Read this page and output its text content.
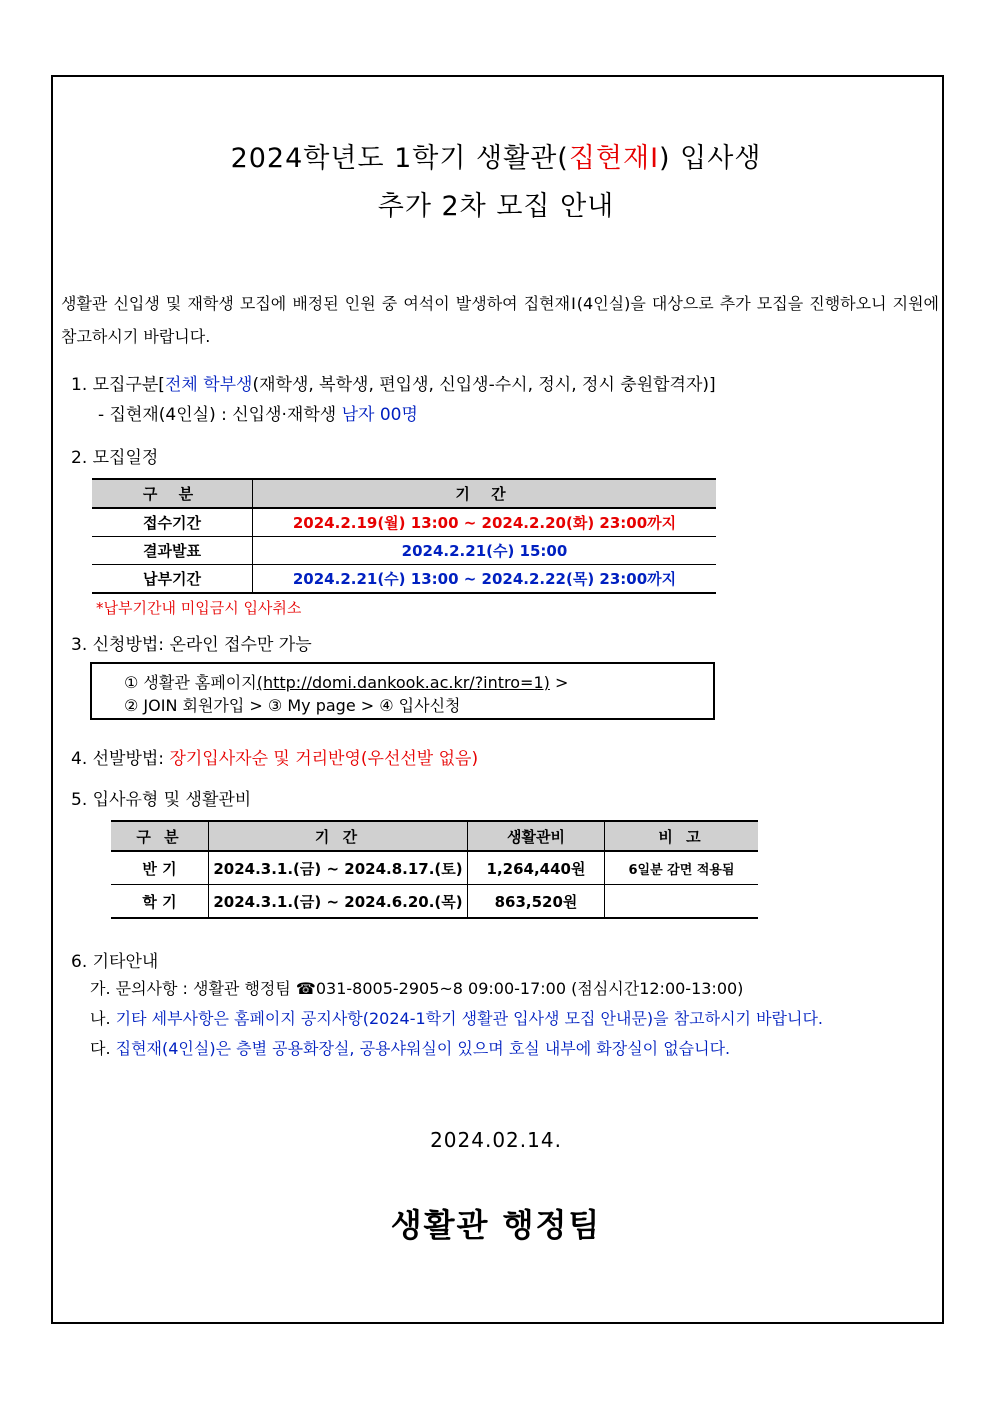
2024학년도 1학기 생활관(집현재Ⅰ) 입사생
추가 2차 모집 안내
생활관 신입생 및 재학생 모집에 배정된 인원 중 여석이 발생하여 집현재Ⅰ(4인실)을 대상으로 추가 모집을 진행하오니 지원에 참고하시기 바랍니다.
1. 모집구분[전체 학부생(재학생, 복학생, 편입생, 신입생-수시, 정시, 정시 충원합격자)]
- 집현재(4인실) : 신입생·재학생 남자 00명
2. 모집일정
구 분	기 간
접수기간	2024.2.19(월) 13:00 ~ 2024.2.20(화) 23:00까지
결과발표	2024.2.21(수) 15:00
납부기간	2024.2.21(수) 13:00 ~ 2024.2.22(목) 23:00까지
*납부기간내 미입금시 입사취소
3. 신청방법: 온라인 접수만 가능
① 생활관 홈페이지(http://domi.dankook.ac.kr/?intro=1) >
② JOIN 회원가입 > ③ My page > ④ 입사신청
4. 선발방법: 장기입사자순 및 거리반영(우선선발 없음)
5. 입사유형 및 생활관비
구 분	기 간	생활관비	비 고
반 기	2024.3.1.(금) ~ 2024.8.17.(토)	1,264,440원	6일분 감면 적용됨
학 기	2024.3.1.(금) ~ 2024.6.20.(목)	863,520원	
6. 기타안내
가. 문의사항 : 생활관 행정팀 ☎031-8005-2905~8 09:00-17:00 (점심시간12:00-13:00)
나. 기타 세부사항은 홈페이지 공지사항(2024-1학기 생활관 입사생 모집 안내문)을 참고하시기 바랍니다.
다. 집현재(4인실)은 층별 공용화장실, 공용샤워실이 있으며 호실 내부에 화장실이 없습니다.
2024.02.14.
생활관 행정팀
